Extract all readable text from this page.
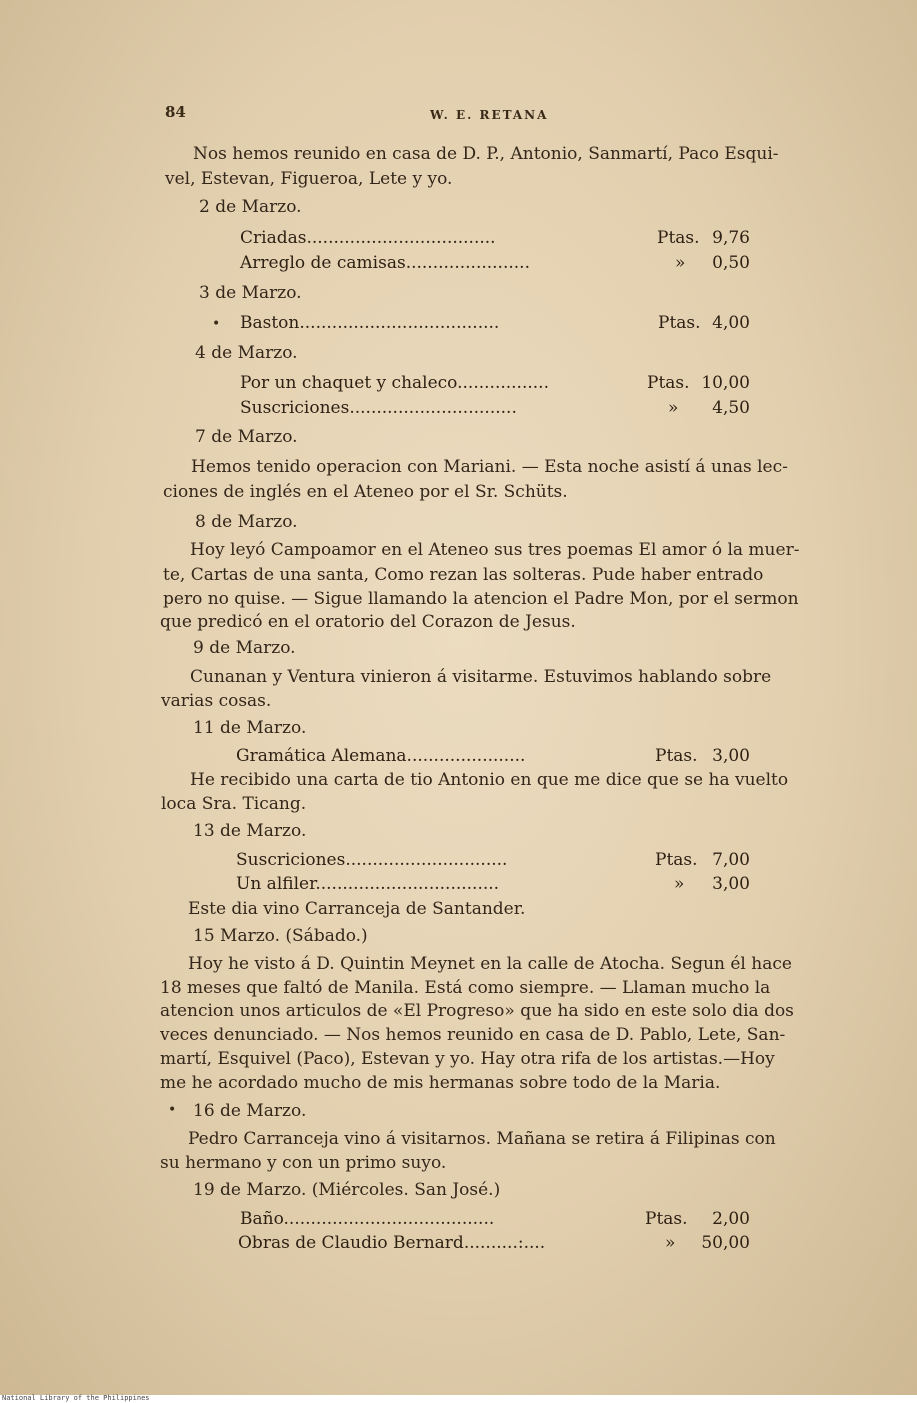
84	W. E. RETANA
Nos hemos reunido en casa de D. P., Antonio, Sanmartí, Paco Esqui-
vel, Estevan, Figueroa, Lete y yo.
2 de Marzo.
Criadas...................................	Ptas. 9,76
Arreglo de camisas.......................	»	0,50
3 de Marzo.
• Baston.....................................	Ptas. 4,00
4 de Marzo.
Por un chaquet y chaleco.................	Ptas. 10,00
Suscriciones...............................	»	4,50
7 de Marzo.
Hemos tenido operacion con Mariani. — Esta noche asistí á unas lec-
ciones de inglés en el Ateneo por el Sr. Schüts.
8 de Marzo.
Hoy leyó Campoamor en el Ateneo sus tres poemas El amor ó la muer-
te, Cartas de una santa, Como rezan las solteras. Pude haber entrado
pero no quise. — Sigue llamando la atencion el Padre Mon, por el sermon
que predicó en el oratorio del Corazon de Jesus.
9 de Marzo.
Cunanan y Ventura vinieron á visitarme. Estuvimos hablando sobre
varias cosas.
11 de Marzo.
Gramática Alemana......................	Ptas. 3,00
He recibido una carta de tio Antonio en que me dice que se ha vuelto
loca Sra. Ticang.
13 de Marzo.
Suscriciones..............................	Ptas. 7,00
Un alfiler..................................	»	3,00
Este dia vino Carranceja de Santander.
15 Marzo. (Sábado.)
Hoy he visto á D. Quintin Meynet en la calle de Atocha. Segun él hace
18 meses que faltó de Manila. Está como siempre. — Llaman mucho la
atencion unos articulos de «El Progreso» que ha sido en este solo dia dos
veces denunciado. — Nos hemos reunido en casa de D. Pablo, Lete, San-
martí, Esquivel (Paco), Estevan y yo. Hay otra rifa de los artistas.—Hoy
me he acordado mucho de mis hermanas sobre todo de la Maria.
• 16 de Marzo.
Pedro Carranceja vino á visitarnos. Mañana se retira á Filipinas con
su hermano y con un primo suyo.
19 de Marzo. (Miércoles. San José.)
Baño.......................................	Ptas.	2,00
Obras de Claudio Bernard..........:....	»	50,00
National Library of the Philippines
